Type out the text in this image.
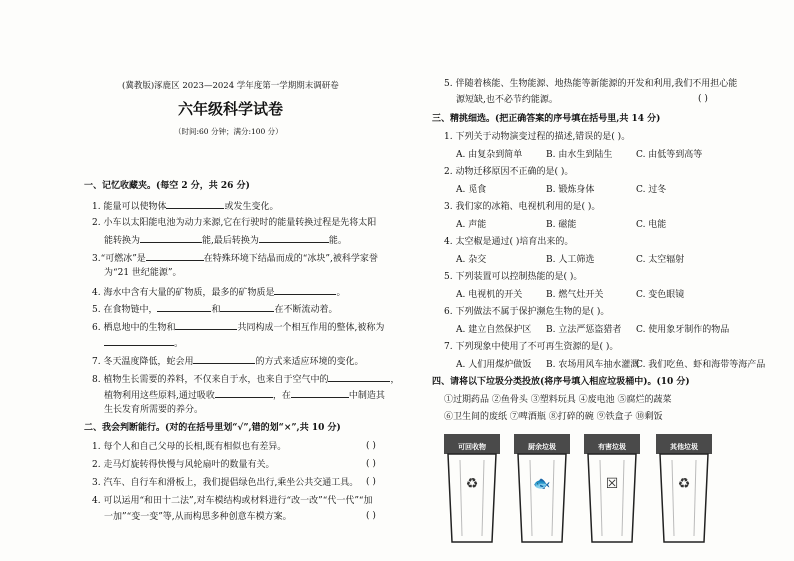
(冀教版)涿鹿区 2023—2024 学年度第一学期期末调研卷
六年级科学试卷
（时间:60 分钟；满分:100 分）
一、记忆收藏夹。(每空 2 分，共 26 分)
1. 能量可以使物体	或发生变化。
2. 小车以太阳能电池为动力来源,它在行驶时的能量转换过程是先将太阳
能转换为	能,最后转换为	能。
3.“可燃冰”是	在特殊环境下结晶而成的“冰块”,被科学家誉
为“21 世纪能源”。
4. 海水中含有大量的矿物质，最多的矿物质是	。
5. 在食物链中，	和	在不断流动着。
6. 栖息地中的生物和	共同构成一个相互作用的整体,被称为
。
7. 冬天温度降低，蛇会用	的方式来适应环境的变化。
8. 植物生长需要的养料，不仅来自于水，也来自于空气中的	，
植物利用这些原料,通过吸收	，在	中制造其
生长发育所需要的养分。
二、我会判断能行。(对的在括号里划“√”,错的划“×”,共 10 分)
1. 每个人和自己父母的长相,既有相似也有差异。	( )
2. 走马灯旋转得快慢与风轮扇叶的数量有关。	( )
3. 汽车、自行车和滑板上，我们提倡绿色出行,乘坐公共交通工具。 ( )
4. 可以运用“和田十二法”,对车模结构或材料进行“改一改”“代一代”“加
一加”“变一变”等,从而构思多种创意车模方案。	( )
5. 伴随着核能、生物能源、地热能等新能源的开发和利用,我们不用担心能
源短缺,也不必节约能源。	( )
三、精挑细选。(把正确答案的序号填在括号里,共 14 分)
1. 下列关于动物演变过程的描述,错误的是( )。
A. 由复杂到简单	B. 由水生到陆生	C. 由低等到高等
2. 动物迁移原因不正确的是( )。
A. 觅食	B. 锻炼身体	C. 过冬
3. 我们家的冰箱、电视机利用的是( )。
A. 声能	B. 磁能	C. 电能
4. 太空椒是通过( )培育出来的。
A. 杂交	B. 人工筛选	C. 太空辐射
5. 下列装置可以控制热能的是( )。
A. 电视机的开关	B. 燃气灶开关	C. 变色眼镜
6. 下列做法不属于保护濒危生物的是( )。
A. 建立自然保护区 B. 立法严惩盗猎者 C. 使用象牙制作的物品
7. 下列现象中使用了不可再生资源的是( )。
A. 人们用煤炉做饭 B. 农场用风车抽水灌溉
C. 我们吃鱼、虾和海带等海产品
四、请将以下垃圾分类投放(将序号填入相应垃圾桶中)。(10 分)
①过期药品 ②鱼骨头 ③塑料玩具 ④废电池 ⑤腐烂的蔬菜
⑥卫生间的废纸 ⑦啤酒瓶 ⑧打碎的碗 ⑨铁盒子 ⑩剩饭
♻
可回收物
🐟
厨余垃圾
☒
有害垃圾
♻
其他垃圾
